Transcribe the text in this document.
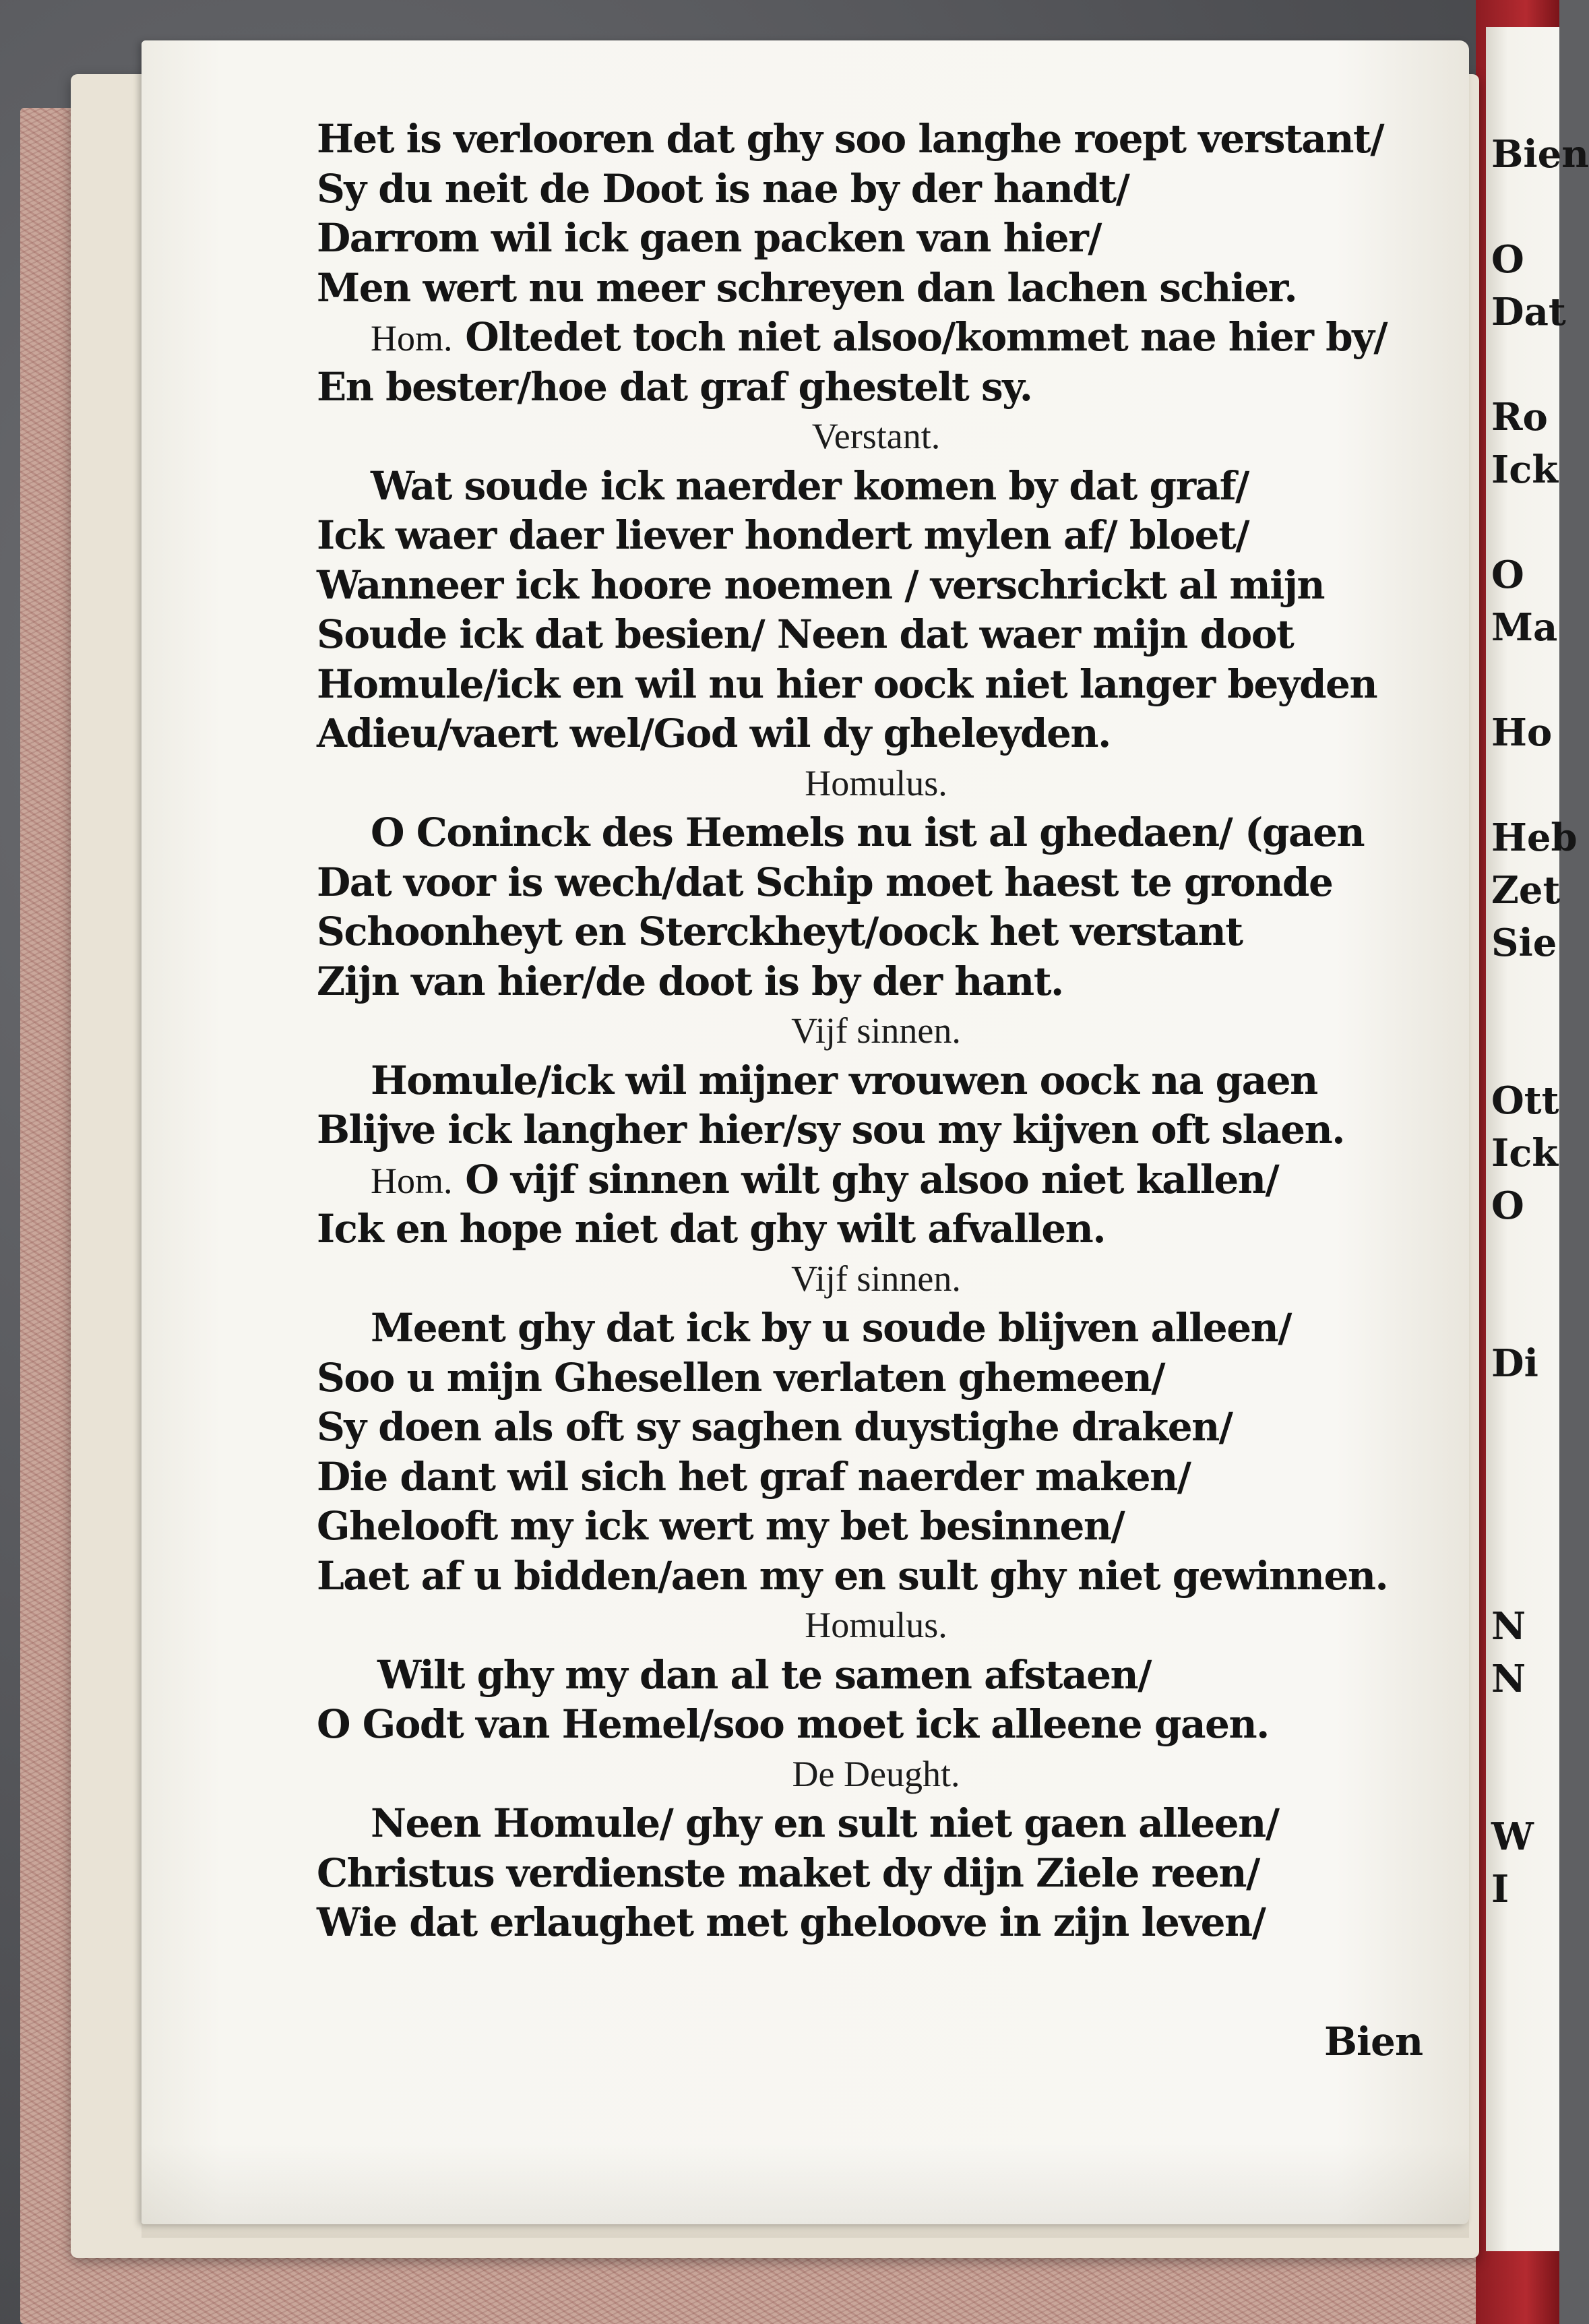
Bien
O
Dat
Ro
Ick
O
Ma
Ho
Heb
Zet
Sie
Ott
Ick
O
Di
N
N
W
I
Het is verlooren dat ghy soo langhe roept verstant/
Sy du neit de Doot is nae by der handt/
Darrom wil ick gaen packen van hier/
Men wert nu meer schreyen dan lachen schier.
Hom. Oltedet toch niet alsoo/kommet nae hier by/
En bester/hoe dat graf ghestelt sy.
Verstant.
Wat soude ick naerder komen by dat graf/
Ick waer daer liever hondert mylen af/ bloet/
Wanneer ick hoore noemen / verschrickt al mijn
Soude ick dat besien/ Neen dat waer mijn doot
Homule/ick en wil nu hier oock niet langer beyden
Adieu/vaert wel/God wil dy gheleyden.
Homulus.
O Coninck des Hemels nu ist al ghedaen/ (gaen
Dat voor is wech/dat Schip moet haest te gronde
Schoonheyt en Sterckheyt/oock het verstant
Zijn van hier/de doot is by der hant.
Vijf sinnen.
Homule/ick wil mijner vrouwen oock na gaen
Blijve ick langher hier/sy sou my kijven oft slaen.
Hom. O vijf sinnen wilt ghy alsoo niet kallen/
Ick en hope niet dat ghy wilt afvallen.
Vijf sinnen.
Meent ghy dat ick by u soude blijven alleen/
Soo u mijn Ghesellen verlaten ghemeen/
Sy doen als oft sy saghen duystighe draken/
Die dant wil sich het graf naerder maken/
Ghelooft my ick wert my bet besinnen/
Laet af u bidden/aen my en sult ghy niet gewinnen.
Homulus.
Wilt ghy my dan al te samen afstaen/
O Godt van Hemel/soo moet ick alleene gaen.
De Deught.
Neen Homule/ ghy en sult niet gaen alleen/
Christus verdienste maket dy dijn Ziele reen/
Wie dat erlaughet met gheloove in zijn leven/
Bien
